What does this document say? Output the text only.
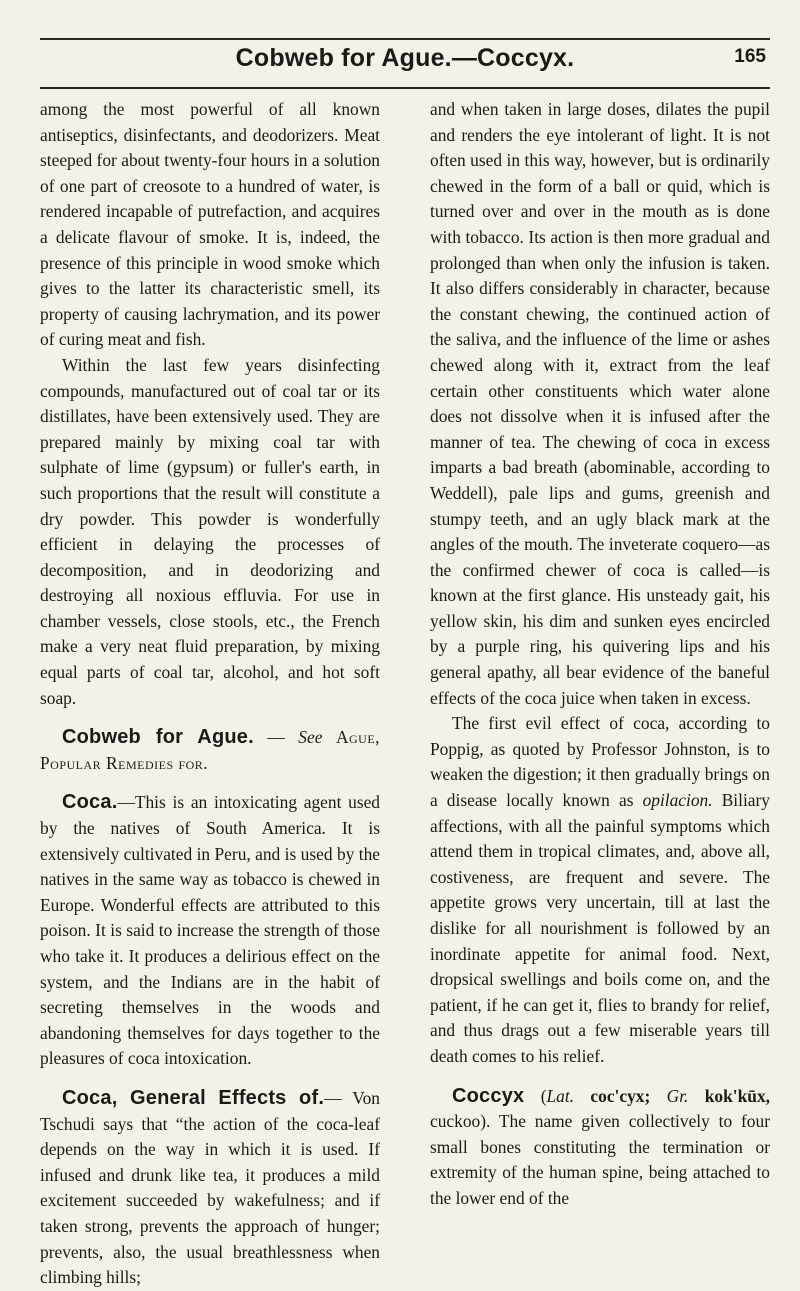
Cobweb for Ague.—Coccyx.	165

among the most powerful of all known antiseptics, disinfectants, and deodorizers. Meat steeped for about twenty-four hours in a solution of one part of creosote to a hundred of water, is rendered incapable of putrefaction, and acquires a delicate flavour of smoke. It is, indeed, the presence of this principle in wood smoke which gives to the latter its characteristic smell, its property of causing lachrymation, and its power of curing meat and fish.

Within the last few years disinfecting compounds, manufactured out of coal tar or its distillates, have been extensively used. They are prepared mainly by mixing coal tar with sulphate of lime (gypsum) or fuller's earth, in such proportions that the result will constitute a dry powder. This powder is wonderfully efficient in delaying the processes of decomposition, and in deodorizing and destroying all noxious effluvia. For use in chamber vessels, close stools, etc., the French make a very neat fluid preparation, by mixing equal parts of coal tar, alcohol, and hot soft soap.

Cobweb for Ague. — See Ague, Popular Remedies for.

Coca.—This is an intoxicating agent used by the natives of South America. It is extensively cultivated in Peru, and is used by the natives in the same way as tobacco is chewed in Europe. Wonderful effects are attributed to this poison. It is said to increase the strength of those who take it. It produces a delirious effect on the system, and the Indians are in the habit of secreting themselves in the woods and abandoning themselves for days together to the pleasures of coca intoxication.

Coca, General Effects of.— Von Tschudi says that “the action of the coca-leaf depends on the way in which it is used. If infused and drunk like tea, it produces a mild excitement succeeded by wakefulness; and if taken strong, prevents the approach of hunger; prevents, also, the usual breathlessness when climbing hills;

and when taken in large doses, dilates the pupil and renders the eye intolerant of light. It is not often used in this way, however, but is ordinarily chewed in the form of a ball or quid, which is turned over and over in the mouth as is done with tobacco. Its action is then more gradual and prolonged than when only the infusion is taken. It also differs considerably in character, because the constant chewing, the continued action of the saliva, and the influence of the lime or ashes chewed along with it, extract from the leaf certain other constituents which water alone does not dissolve when it is infused after the manner of tea. The chewing of coca in excess imparts a bad breath (abominable, according to Weddell), pale lips and gums, greenish and stumpy teeth, and an ugly black mark at the angles of the mouth. The inveterate coquero—as the confirmed chewer of coca is called—is known at the first glance. His unsteady gait, his yellow skin, his dim and sunken eyes encircled by a purple ring, his quivering lips and his general apathy, all bear evidence of the baneful effects of the coca juice when taken in excess.

The first evil effect of coca, according to Poppig, as quoted by Professor Johnston, is to weaken the digestion; it then gradually brings on a disease locally known as opilacion. Biliary affections, with all the painful symptoms which attend them in tropical climates, and, above all, costiveness, are frequent and severe. The appetite grows very uncertain, till at last the dislike for all nourishment is followed by an inordinate appetite for animal food. Next, dropsical swellings and boils come on, and the patient, if he can get it, flies to brandy for relief, and thus drags out a few miserable years till death comes to his relief.

Coccyx (Lat. coc'cyx; Gr. kok'kūx, cuckoo). The name given collectively to four small bones constituting the termination or extremity of the human spine, being attached to the lower end of the
